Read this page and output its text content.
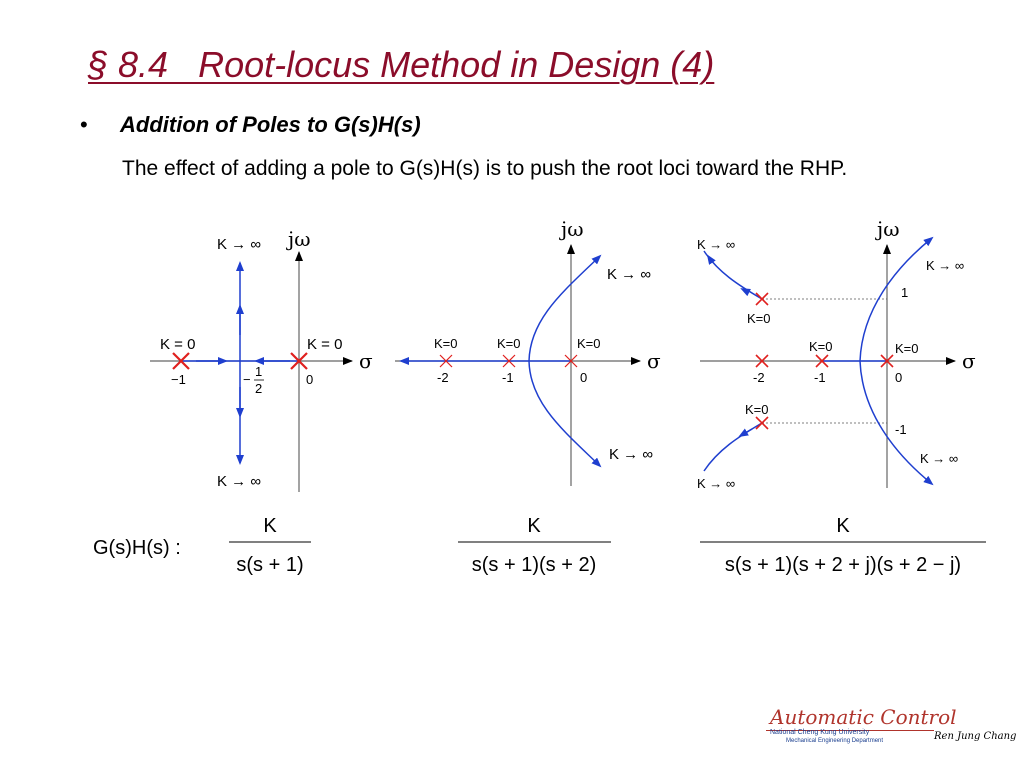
§ 8.4   Root-locus Method in Design (4)
• Addition of Poles to G(s)H(s)
The effect of adding a pole to G(s)H(s) is to push the root loci toward the RHP.
jω
σ
K → ∞
K → ∞
K = 0	K = 0
−1	−
1
2
0
jω
σ
K=0	K=0	K=0
-2	-1	0
K → ∞
K → ∞
jω
σ
K → ∞
K → ∞
K → ∞
K → ∞
K=0
K=0
K=0	K=0
1
-1
-2	-1	0
G(s)H(s) :
K
s(s + 1)
K
s(s + 1)(s + 2)
K
s(s + 1)(s + 2 + j)(s + 2 − j)
Automatic Control
National Cheng Kung University
Mechanical Engineering Department	Ren Jung Chang
